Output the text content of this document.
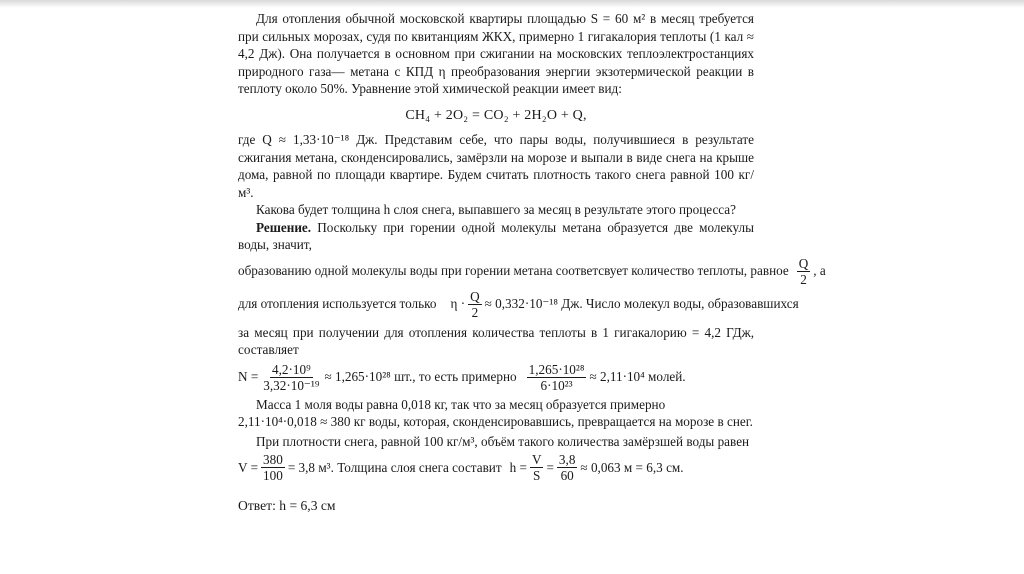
Для отопления обычной московской квартиры площадью S = 60 м² в месяц требуется при сильных морозах, судя по квитанциям ЖКХ, примерно 1 гигакалория теплоты (1 кал ≈ 4,2 Дж). Она получается в основном при сжигании на московских теплоэлектростанциях природного газа— метана с КПД η преобразования энергии экзотермической реакции в теплоту около 50%. Уравнение этой химической реакции имеет вид:

CH₄ + 2O₂ = CO₂ + 2H₂O + Q,

где Q ≈ 1,33·10⁻¹⁸ Дж. Представим себе, что пары воды, получившиеся в результате сжигания метана, сконденсировались, замёрзли на морозе и выпали в виде снега на крыше дома, равной по площади квартире. Будем считать плотность такого снега равной 100 кг/м³.

Какова будет толщина h слоя снега, выпавшего за месяц в результате этого процесса?

Решение. Поскольку при горении одной молекулы метана образуется две молекулы воды, значит,

образованию одной молекулы воды при горении метана соответсвует количество теплоты, равное $\frac{Q}{2}$ , а
для отопления используется только $\eta \cdot \frac{Q}{2} \approx 0,332\cdot 10^{-18}$ Дж. Число молекул воды, образовавшихся

за месяц при получении для отопления количества теплоты в 1 гигакалорию = 4,2 ГДж, составляет

$N = \frac{\text{4,2·10⁹}}{\text{3,32·10⁻¹⁹}} \approx 1,265\cdot 10^{28}$ шт., то есть примерно $\frac{\text{1,265·10²⁸}}{\text{6·10²³}} \approx 2,11\cdot 10^4$ молей.

Масса 1 моля воды равна 0,018 кг, так что за месяц образуется примерно

2,11·10⁴·0,018 ≈ 380 кг воды, которая, сконденсировавшись, превращается на морозе в снег.

При плотности снега, равной 100 кг/м³, объём такого количества замёрзшей воды равен

$V = \frac{380}{100} = 3,8$ м³. Толщина слоя снега составит $h = \frac{V}{S} = \frac{3,8}{60} \approx 0,063$ м = 6,3 см.
Ответ: h = 6,3 см
